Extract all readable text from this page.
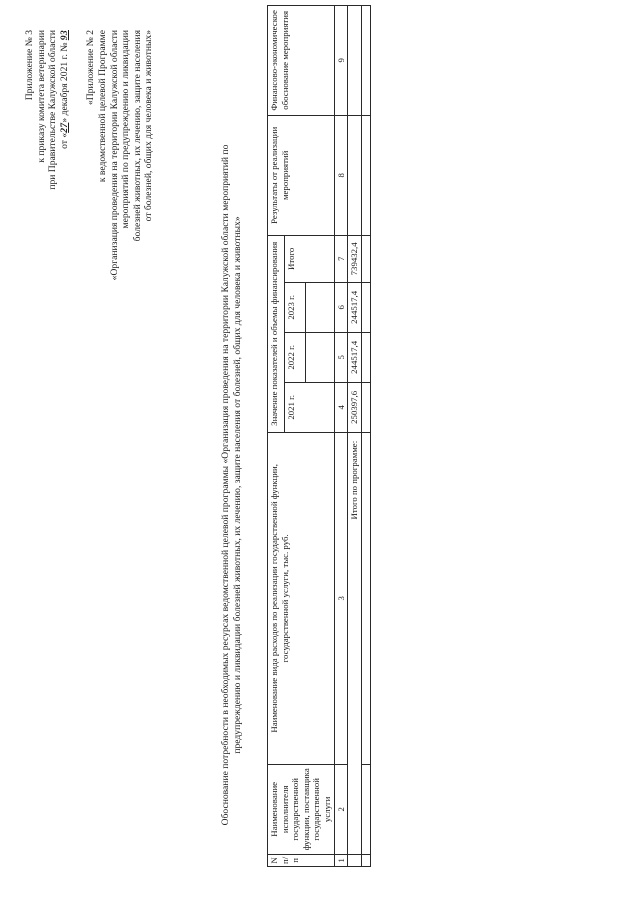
Приложение № 3 к приказу комитета ветеринарии при Правительстве Калужской области от «27» декабря 2021 г. № 93 «Приложение № 2 к ведомственной целевой Программе «Организация проведения на территории Калужской области мероприятий по предупреждению и ликвидации болезней животных, их лечению, защите населения от болезней, общих для человека и животных»
Обоснование потребности в необходимых ресурсах ведомственной целевой программы «Организация проведения на территории Калужской области мероприятий по предупреждению и ликвидации болезней животных, их лечению, защите населения от болезней, общих для человека и животных»
N п/п	Наименование исполнителя государственной функции, поставщика государственной услуги	Наименование вида расходов по реализации государственной функции, государственной услуги, тыс. руб.	Значение показателей и объемы финансирования				Результаты от реализации мероприятий	Финансово-экономическое обоснование мероприятия
			2021 г.	2022 г.	2023 г.	Итого		

1	2	3	4	5	6	7	8	9
	Итого по программе:		250397,6	244517,4	244517,4	739432,4		
